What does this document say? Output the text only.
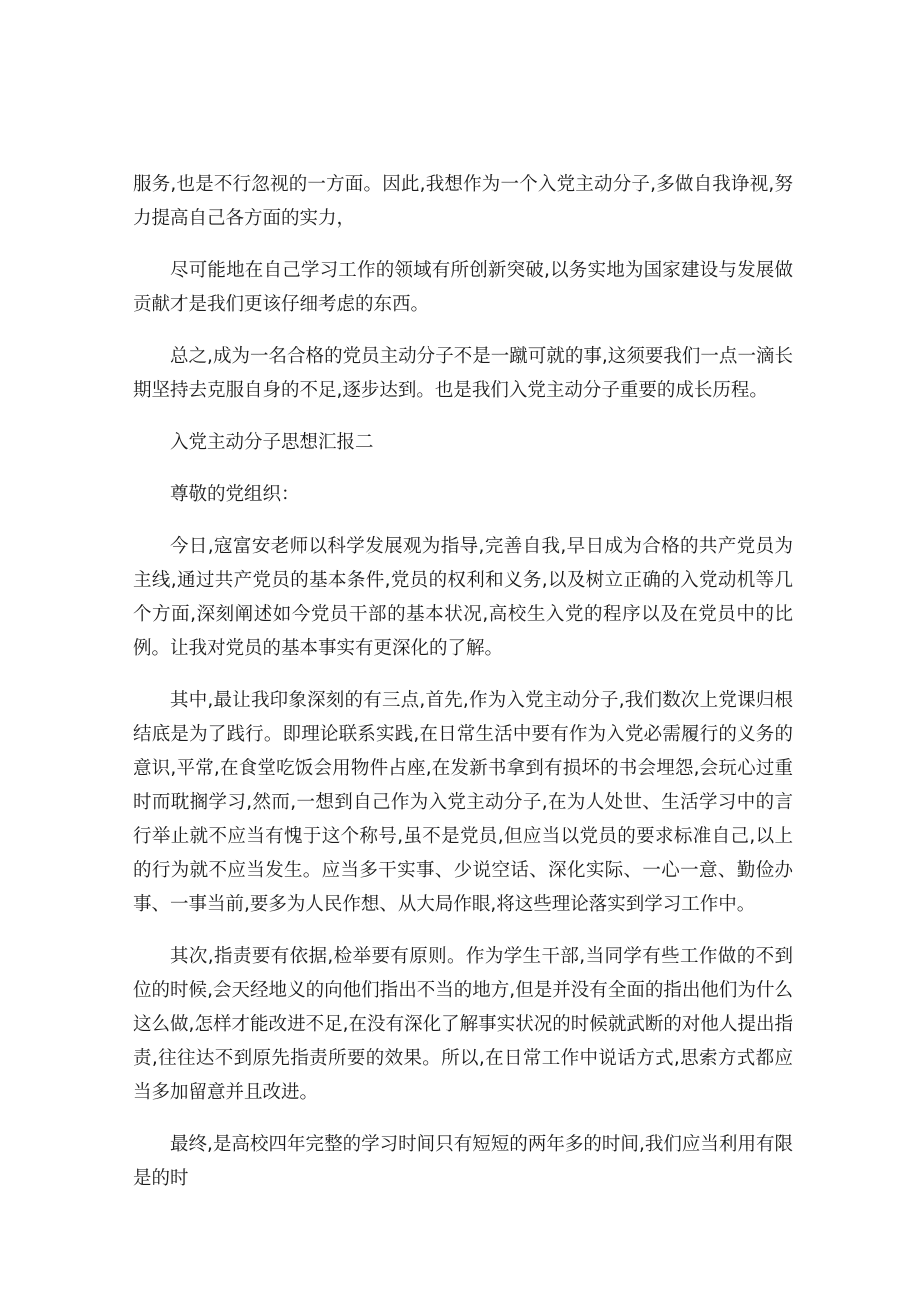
服务,也是不行忽视的一方面。因此,我想作为一个入党主动分子,多做自我诤视,努力提高自己各方面的实力，

尽可能地在自己学习工作的领域有所创新突破,以务实地为国家建设与发展做贡献才是我们更该仔细考虑的东西。

总之,成为一名合格的党员主动分子不是一蹴可就的事,这须要我们一点一滴长期坚持去克服自身的不足,逐步达到。也是我们入党主动分子重要的成长历程。

入党主动分子思想汇报二

尊敬的党组织：

今日,寇富安老师以科学发展观为指导,完善自我,早日成为合格的共产党员为主线,通过共产党员的基本条件,党员的权利和义务,以及树立正确的入党动机等几个方面,深刻阐述如今党员干部的基本状况,高校生入党的程序以及在党员中的比例。让我对党员的基本事实有更深化的了解。

其中,最让我印象深刻的有三点,首先,作为入党主动分子,我们数次上党课归根结底是为了践行。即理论联系实践,在日常生活中要有作为入党必需履行的义务的意识,平常,在食堂吃饭会用物件占座,在发新书拿到有损坏的书会埋怨,会玩心过重时而耽搁学习,然而,一想到自己作为入党主动分子,在为人处世、生活学习中的言行举止就不应当有愧于这个称号,虽不是党员,但应当以党员的要求标准自己,以上的行为就不应当发生。应当多干实事、少说空话、深化实际、一心一意、勤俭办事、一事当前,要多为人民作想、从大局作眼,将这些理论落实到学习工作中。

其次,指责要有依据,检举要有原则。作为学生干部,当同学有些工作做的不到位的时候,会天经地义的向他们指出不当的地方,但是并没有全面的指出他们为什么这么做,怎样才能改进不足,在没有深化了解事实状况的时候就武断的对他人提出指责,往往达不到原先指责所要的效果。所以,在日常工作中说话方式,思索方式都应当多加留意并且改进。

最终,是高校四年完整的学习时间只有短短的两年多的时间,我们应当利用有限是的时
